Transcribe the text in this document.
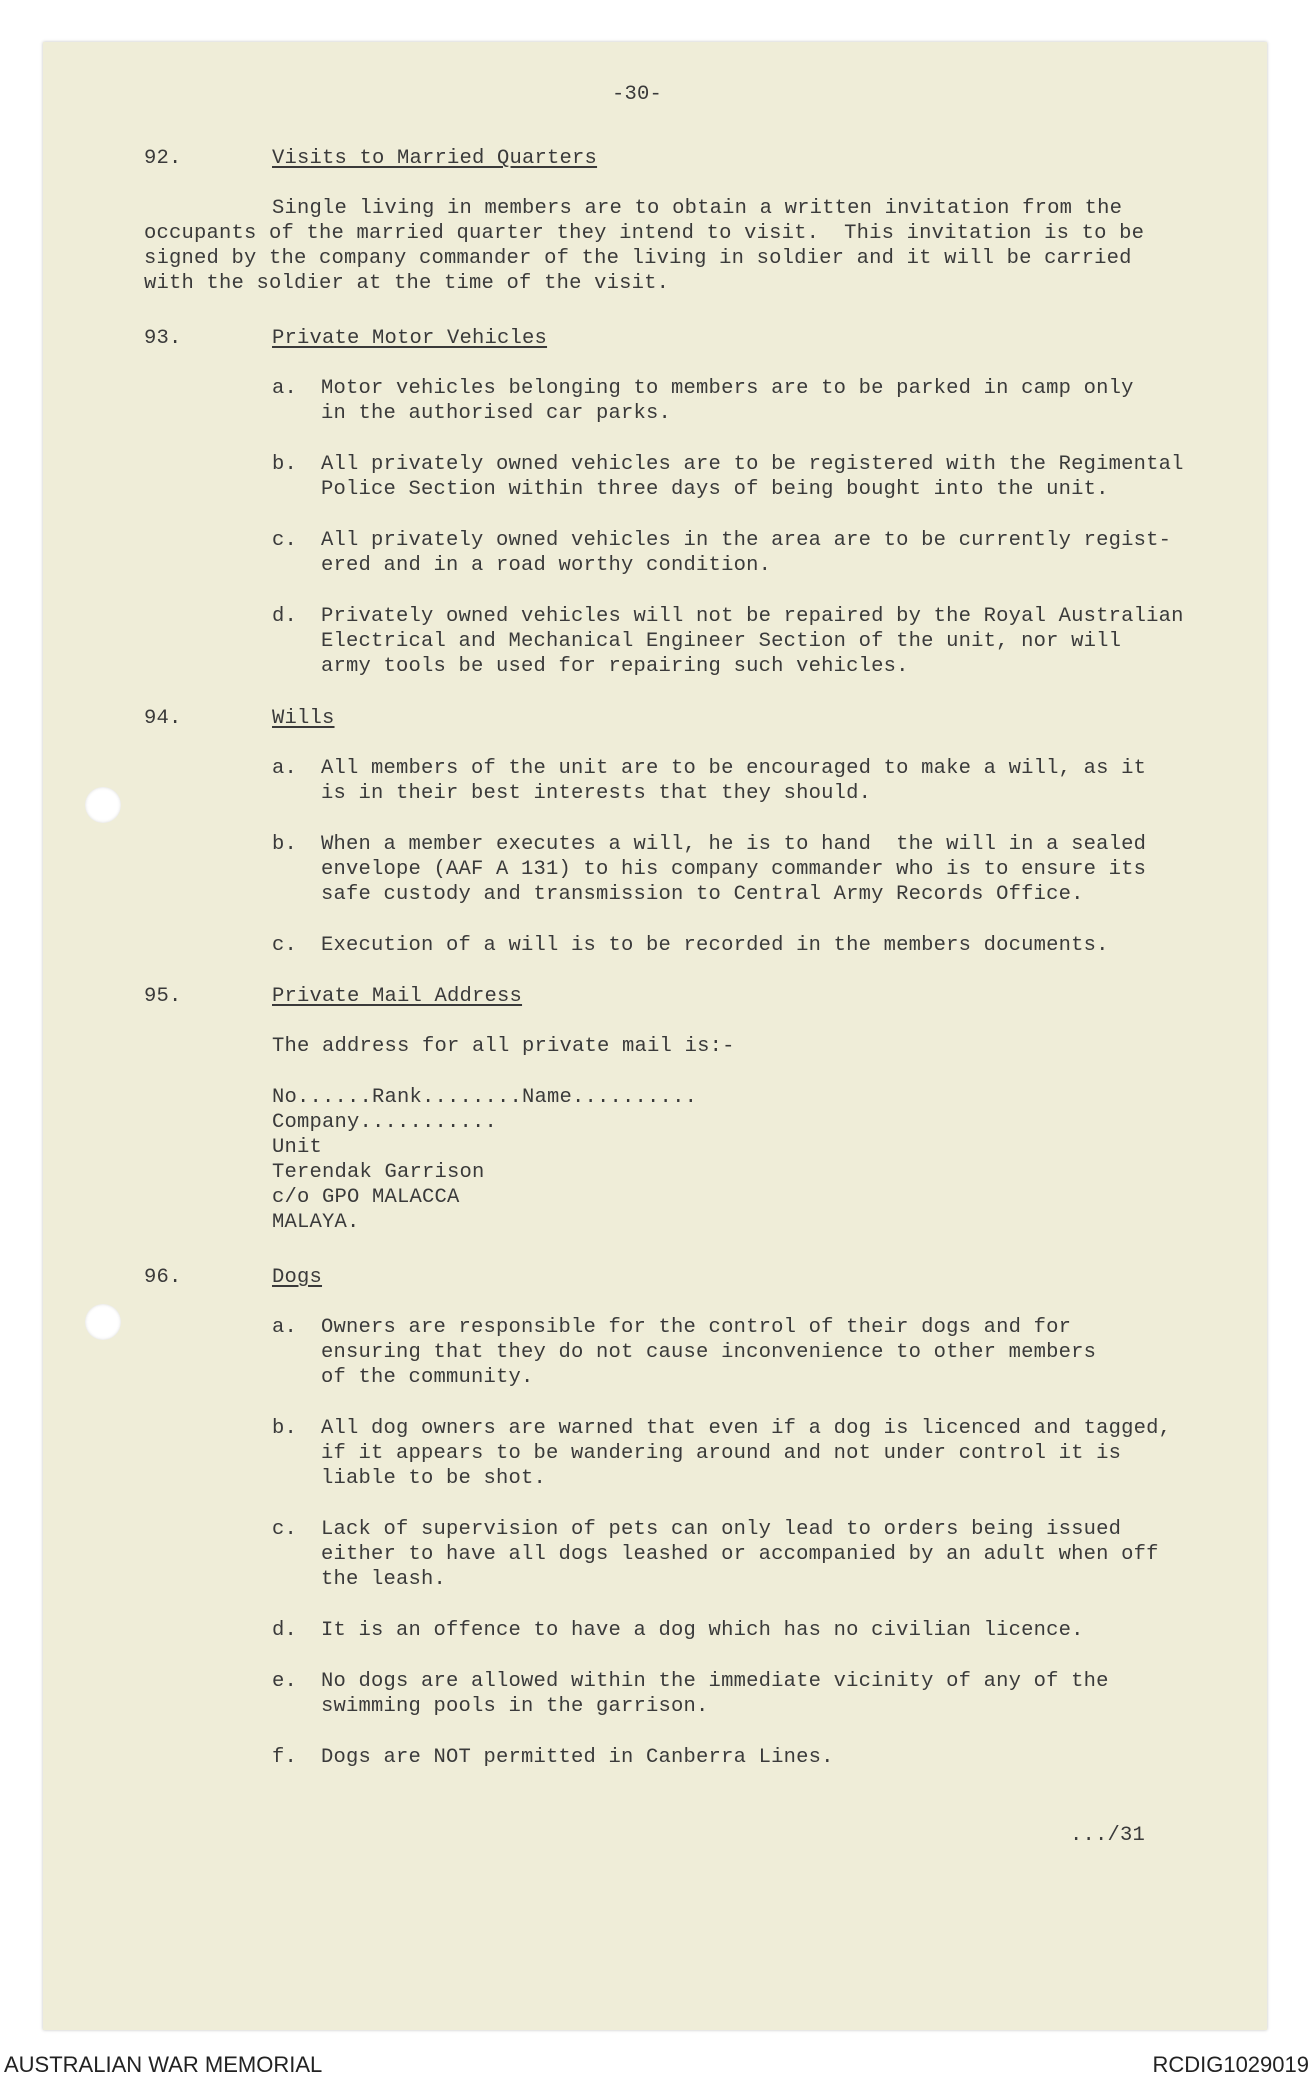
-30-
92.	Visits to Married Quarters
Single living in members are to obtain a written invitation from the
occupants of the married quarter they intend to visit.  This invitation is to be
signed by the company commander of the living in soldier and it will be carried
with the soldier at the time of the visit.
93.	Private Motor Vehicles
a. Motor vehicles belonging to members are to be parked in camp only
in the authorised car parks.
b. All privately owned vehicles are to be registered with the Regimental
Police Section within three days of being bought into the unit.
c. All privately owned vehicles in the area are to be currently regist-
ered and in a road worthy condition.
d. Privately owned vehicles will not be repaired by the Royal Australian
Electrical and Mechanical Engineer Section of the unit, nor will
army tools be used for repairing such vehicles.
94.	Wills
a. All members of the unit are to be encouraged to make a will, as it
is in their best interests that they should.
b. When a member executes a will, he is to hand  the will in a sealed
envelope (AAF A 131) to his company commander who is to ensure its
safe custody and transmission to Central Army Records Office.
c. Execution of a will is to be recorded in the members documents.
95.	Private Mail Address
The address for all private mail is:-
No......Rank........Name..........
Company...........
Unit
Terendak Garrison
c/o GPO MALACCA
MALAYA.
96.	Dogs
a. Owners are responsible for the control of their dogs and for
ensuring that they do not cause inconvenience to other members
of the community.
b. All dog owners are warned that even if a dog is licenced and tagged,
if it appears to be wandering around and not under control it is
liable to be shot.
c. Lack of supervision of pets can only lead to orders being issued
either to have all dogs leashed or accompanied by an adult when off
the leash.
d. It is an offence to have a dog which has no civilian licence.
e. No dogs are allowed within the immediate vicinity of any of the
swimming pools in the garrison.
f. Dogs are NOT permitted in Canberra Lines.
.../31
AUSTRALIAN WAR MEMORIAL	RCDIG1029019
